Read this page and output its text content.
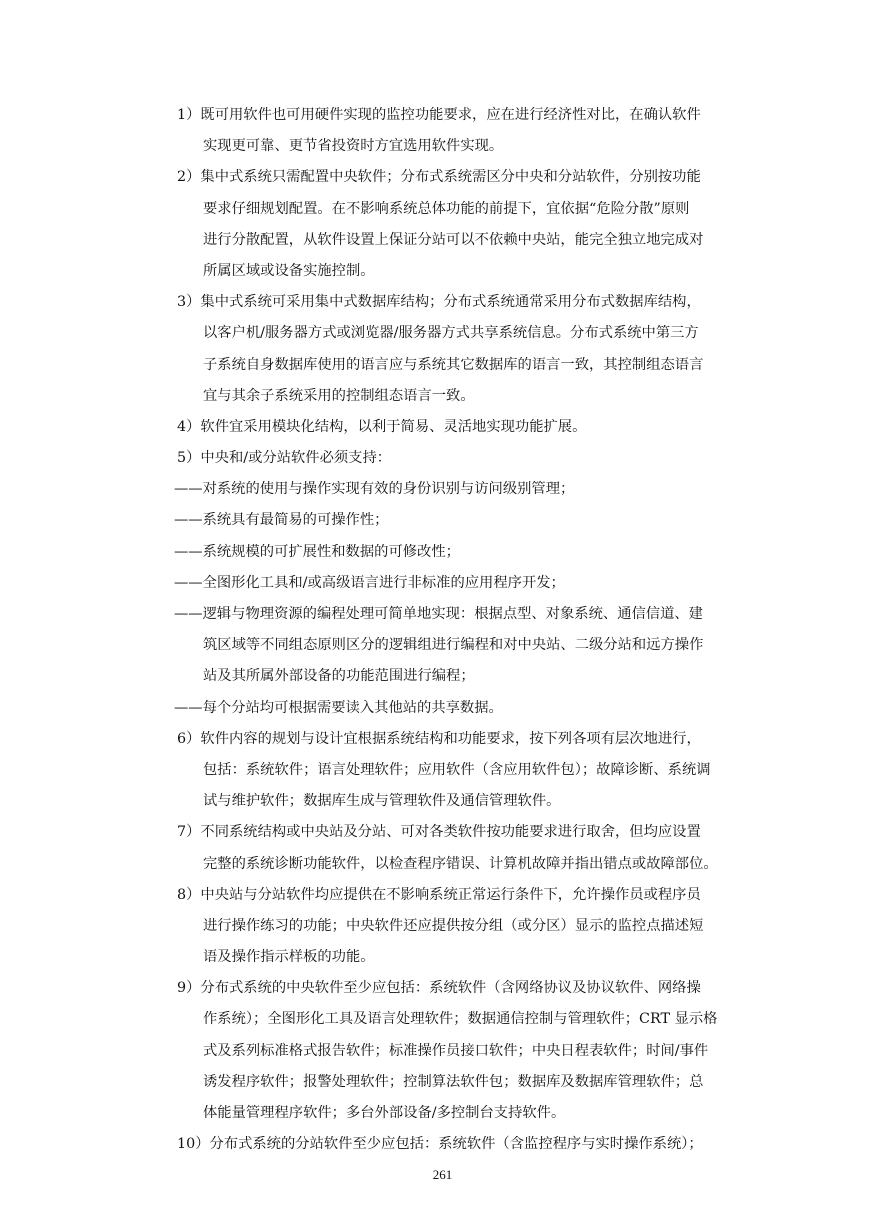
1）既可用软件也可用硬件实现的监控功能要求，应在进行经济性对比，在确认软件
实现更可靠、更节省投资时方宜选用软件实现。
2）集中式系统只需配置中央软件；分布式系统需区分中央和分站软件，分别按功能
要求仔细规划配置。在不影响系统总体功能的前提下，宜依据“危险分散”原则
进行分散配置，从软件设置上保证分站可以不依赖中央站，能完全独立地完成对
所属区域或设备实施控制。
3）集中式系统可采用集中式数据库结构；分布式系统通常采用分布式数据库结构，
以客户机/服务器方式或浏览器/服务器方式共享系统信息。分布式系统中第三方
子系统自身数据库使用的语言应与系统其它数据库的语言一致，其控制组态语言
宜与其余子系统采用的控制组态语言一致。
4）软件宜采用模块化结构，以利于简易、灵活地实现功能扩展。
5）中央和/或分站软件必须支持：
——对系统的使用与操作实现有效的身份识别与访问级别管理；
——系统具有最简易的可操作性；
——系统规模的可扩展性和数据的可修改性；
——全图形化工具和/或高级语言进行非标准的应用程序开发；
——逻辑与物理资源的编程处理可简单地实现：根据点型、对象系统、通信信道、建
筑区域等不同组态原则区分的逻辑组进行编程和对中央站、二级分站和远方操作
站及其所属外部设备的功能范围进行编程；
——每个分站均可根据需要读入其他站的共享数据。
6）软件内容的规划与设计宜根据系统结构和功能要求，按下列各项有层次地进行，
包括：系统软件；语言处理软件；应用软件（含应用软件包）；故障诊断、系统调
试与维护软件；数据库生成与管理软件及通信管理软件。
7）不同系统结构或中央站及分站、可对各类软件按功能要求进行取舍，但均应设置
完整的系统诊断功能软件，以检查程序错误、计算机故障并指出错点或故障部位。
8）中央站与分站软件均应提供在不影响系统正常运行条件下，允许操作员或程序员
进行操作练习的功能；中央软件还应提供按分组（或分区）显示的监控点描述短
语及操作指示样板的功能。
9）分布式系统的中央软件至少应包括：系统软件（含网络协议及协议软件、网络操
作系统）；全图形化工具及语言处理软件；数据通信控制与管理软件；CRT 显示格
式及系列标准格式报告软件；标准操作员接口软件；中央日程表软件；时间/事件
诱发程序软件；报警处理软件；控制算法软件包；数据库及数据库管理软件；总
体能量管理程序软件；多台外部设备/多控制台支持软件。
10）分布式系统的分站软件至少应包括：系统软件（含监控程序与实时操作系统）；
261
